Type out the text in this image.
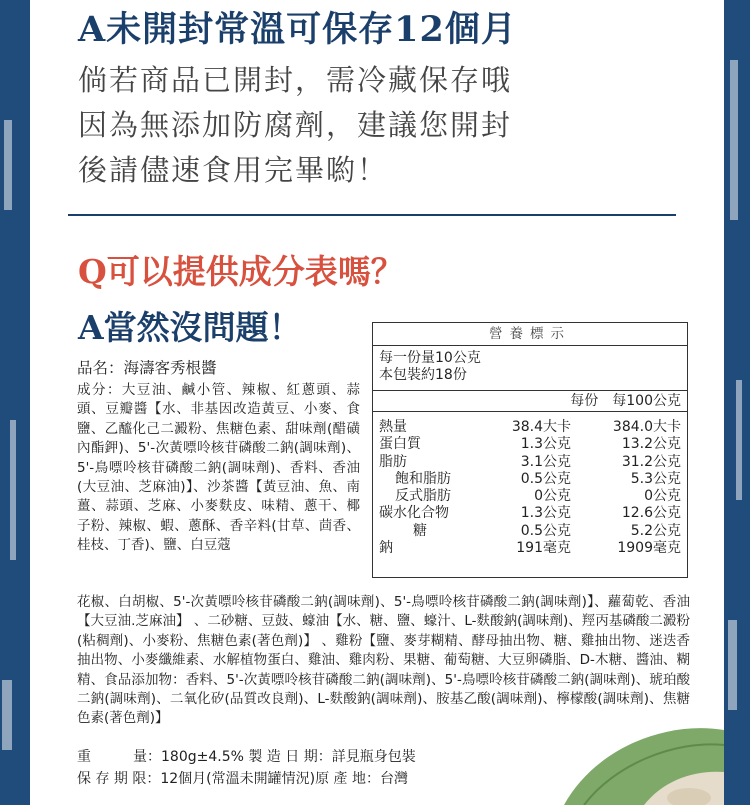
A未開封常溫可保存12個月
倘若商品已開封，需冷藏保存哦
因為無添加防腐劑，建議您開封
後請儘速食用完畢喲！
Q可以提供成分表嗎？
A當然沒問題！
品名：海濤客秀根醬

成分：大豆油、鹹小管、辣椒、紅蔥頭、蒜頭、豆瓣醬【水、非基因改造黃豆、小麥、食鹽、乙醯化己二澱粉、焦糖色素、甜味劑(醋磺內酯鉀)、5'-次黃嘌呤核苷磷酸二鈉(調味劑)、5'-鳥嘌呤核苷磷酸二鈉(調味劑)、香料、香油(大豆油、芝麻油)】、沙茶醬【黃豆油、魚、南薑、蒜頭、芝麻、小麥麩皮、味精、蔥干、椰子粉、辣椒、蝦、蔥酥、香辛料(甘草、茴香、桂枝、丁香)、鹽、白豆蔻

花椒、白胡椒、5'-次黃嘌呤核苷磷酸二鈉(調味劑)、5'-鳥嘌呤核苷磷酸二鈉(調味劑)】、蘿蔔乾、香油【大豆油.芝麻油】 、二砂糖、豆鼓、蠔油【水、糖、鹽、蠔汁、L-麩酸鈉(調味劑)、羥丙基磷酸二澱粉(粘稠劑)、小麥粉、焦糖色素(著色劑)】 、雞粉【鹽、麥芽糊精、酵母抽出物、糖、雞抽出物、迷迭香抽出物、小麥纖維素、水解植物蛋白、雞油、雞肉粉、果糖、葡萄糖、大豆卵磷脂、D-木糖、醬油、糊精、食品添加物：香料、5'-次黃嘌呤核苷磷酸二鈉(調味劑)、5'-鳥嘌呤核苷磷酸二鈉(調味劑)、琥珀酸二鈉(調味劑)、二氧化矽(品質改良劑)、L-麩酸鈉(調味劑)、胺基乙酸(調味劑)、檸檬酸(調味劑)、焦糖色素(著色劑)】

重　　　量：180g±4.5% 製 造 日 期：詳見瓶身包裝
保 存 期 限：12個月(常溫未開罐情況)原 產 地：台灣
營養標示
每一份量10公克
本包裝約18份
每份 每100公克
熱量	38.4大卡	384.0大卡
蛋白質	1.3公克	13.2公克
脂肪	3.1公克	31.2公克
飽和脂肪	0.5公克	5.3公克
反式脂肪	0公克	0公克
碳水化合物	1.3公克	12.6公克
糖	0.5公克	5.2公克
鈉	191毫克	1909毫克
